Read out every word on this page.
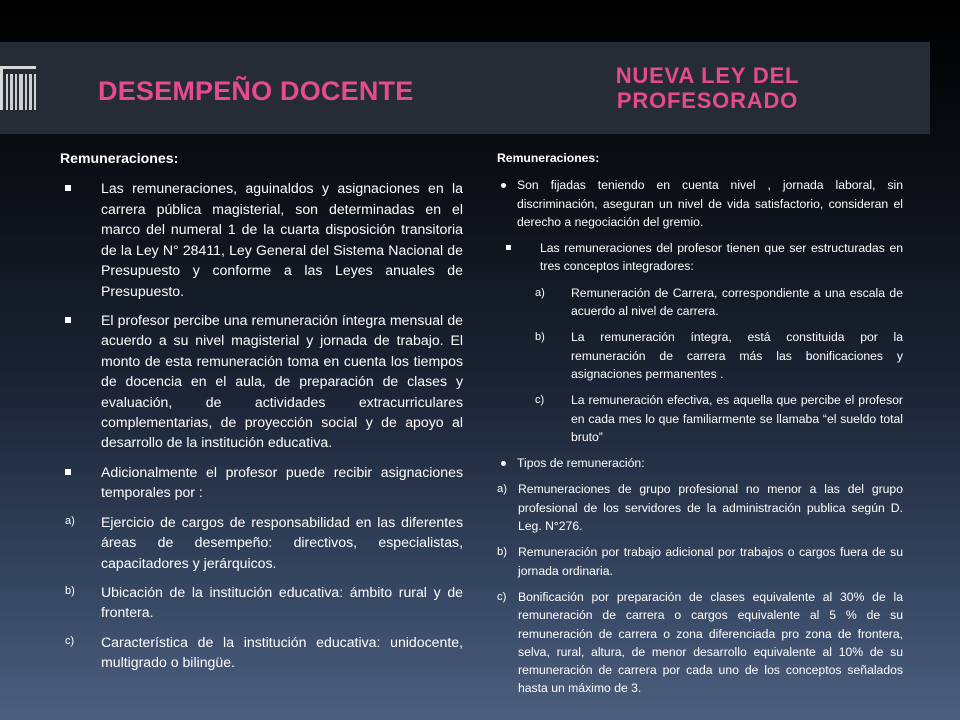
DESEMPEÑO DOCENTE
NUEVA LEY DEL PROFESORADO
Remuneraciones:
Las remuneraciones, aguinaldos y asignaciones en la carrera pública magisterial, son determinadas en el marco del numeral 1 de la cuarta disposición transitoria de la Ley N° 28411, Ley General del Sistema Nacional de Presupuesto y conforme a las Leyes anuales de Presupuesto.
El profesor percibe una remuneración íntegra mensual de acuerdo a su nivel magisterial y jornada de trabajo. El monto de esta remuneración toma en cuenta los tiempos de docencia en el aula, de preparación de clases y evaluación, de actividades extracurriculares complementarias, de proyección social y de apoyo al desarrollo de la institución educativa.
Adicionalmente el profesor puede recibir asignaciones temporales por :
a) Ejercicio de cargos de responsabilidad en las diferentes áreas de desempeño: directivos, especialistas, capacitadores y jerárquicos.
b) Ubicación de la institución educativa: ámbito rural y de frontera.
c) Característica de la institución educativa: unidocente, multigrado o bilingüe.
Remuneraciones:
Son fijadas teniendo en cuenta nivel , jornada laboral, sin discriminación, aseguran un nivel de vida satisfactorio, consideran el derecho a negociación del gremio.
Las remuneraciones del profesor tienen que ser estructuradas en tres conceptos integradores:
a) Remuneración de Carrera, correspondiente a una escala de acuerdo al nivel de carrera.
b) La remuneración íntegra, está constituida por la remuneración de carrera más las bonificaciones y asignaciones permanentes .
c) La remuneración efectiva, es aquella que percibe el profesor en cada mes lo que familiarmente se llamaba “el sueldo total bruto”
Tipos de remuneración:
a) Remuneraciones de grupo profesional no menor a las del grupo profesional de los servidores de la administración publica según D. Leg. N°276.
b) Remuneración por trabajo adicional por trabajos o cargos fuera de su jornada ordinaria.
c) Bonificación por preparación de clases equivalente al 30% de la remuneración de carrera o cargos equivalente al 5 % de su remuneración de carrera o zona diferenciada pro zona de frontera, selva, rural, altura, de menor desarrollo equivalente al 10% de su remuneración de carrera por cada uno de los conceptos señalados hasta un máximo de 3.
